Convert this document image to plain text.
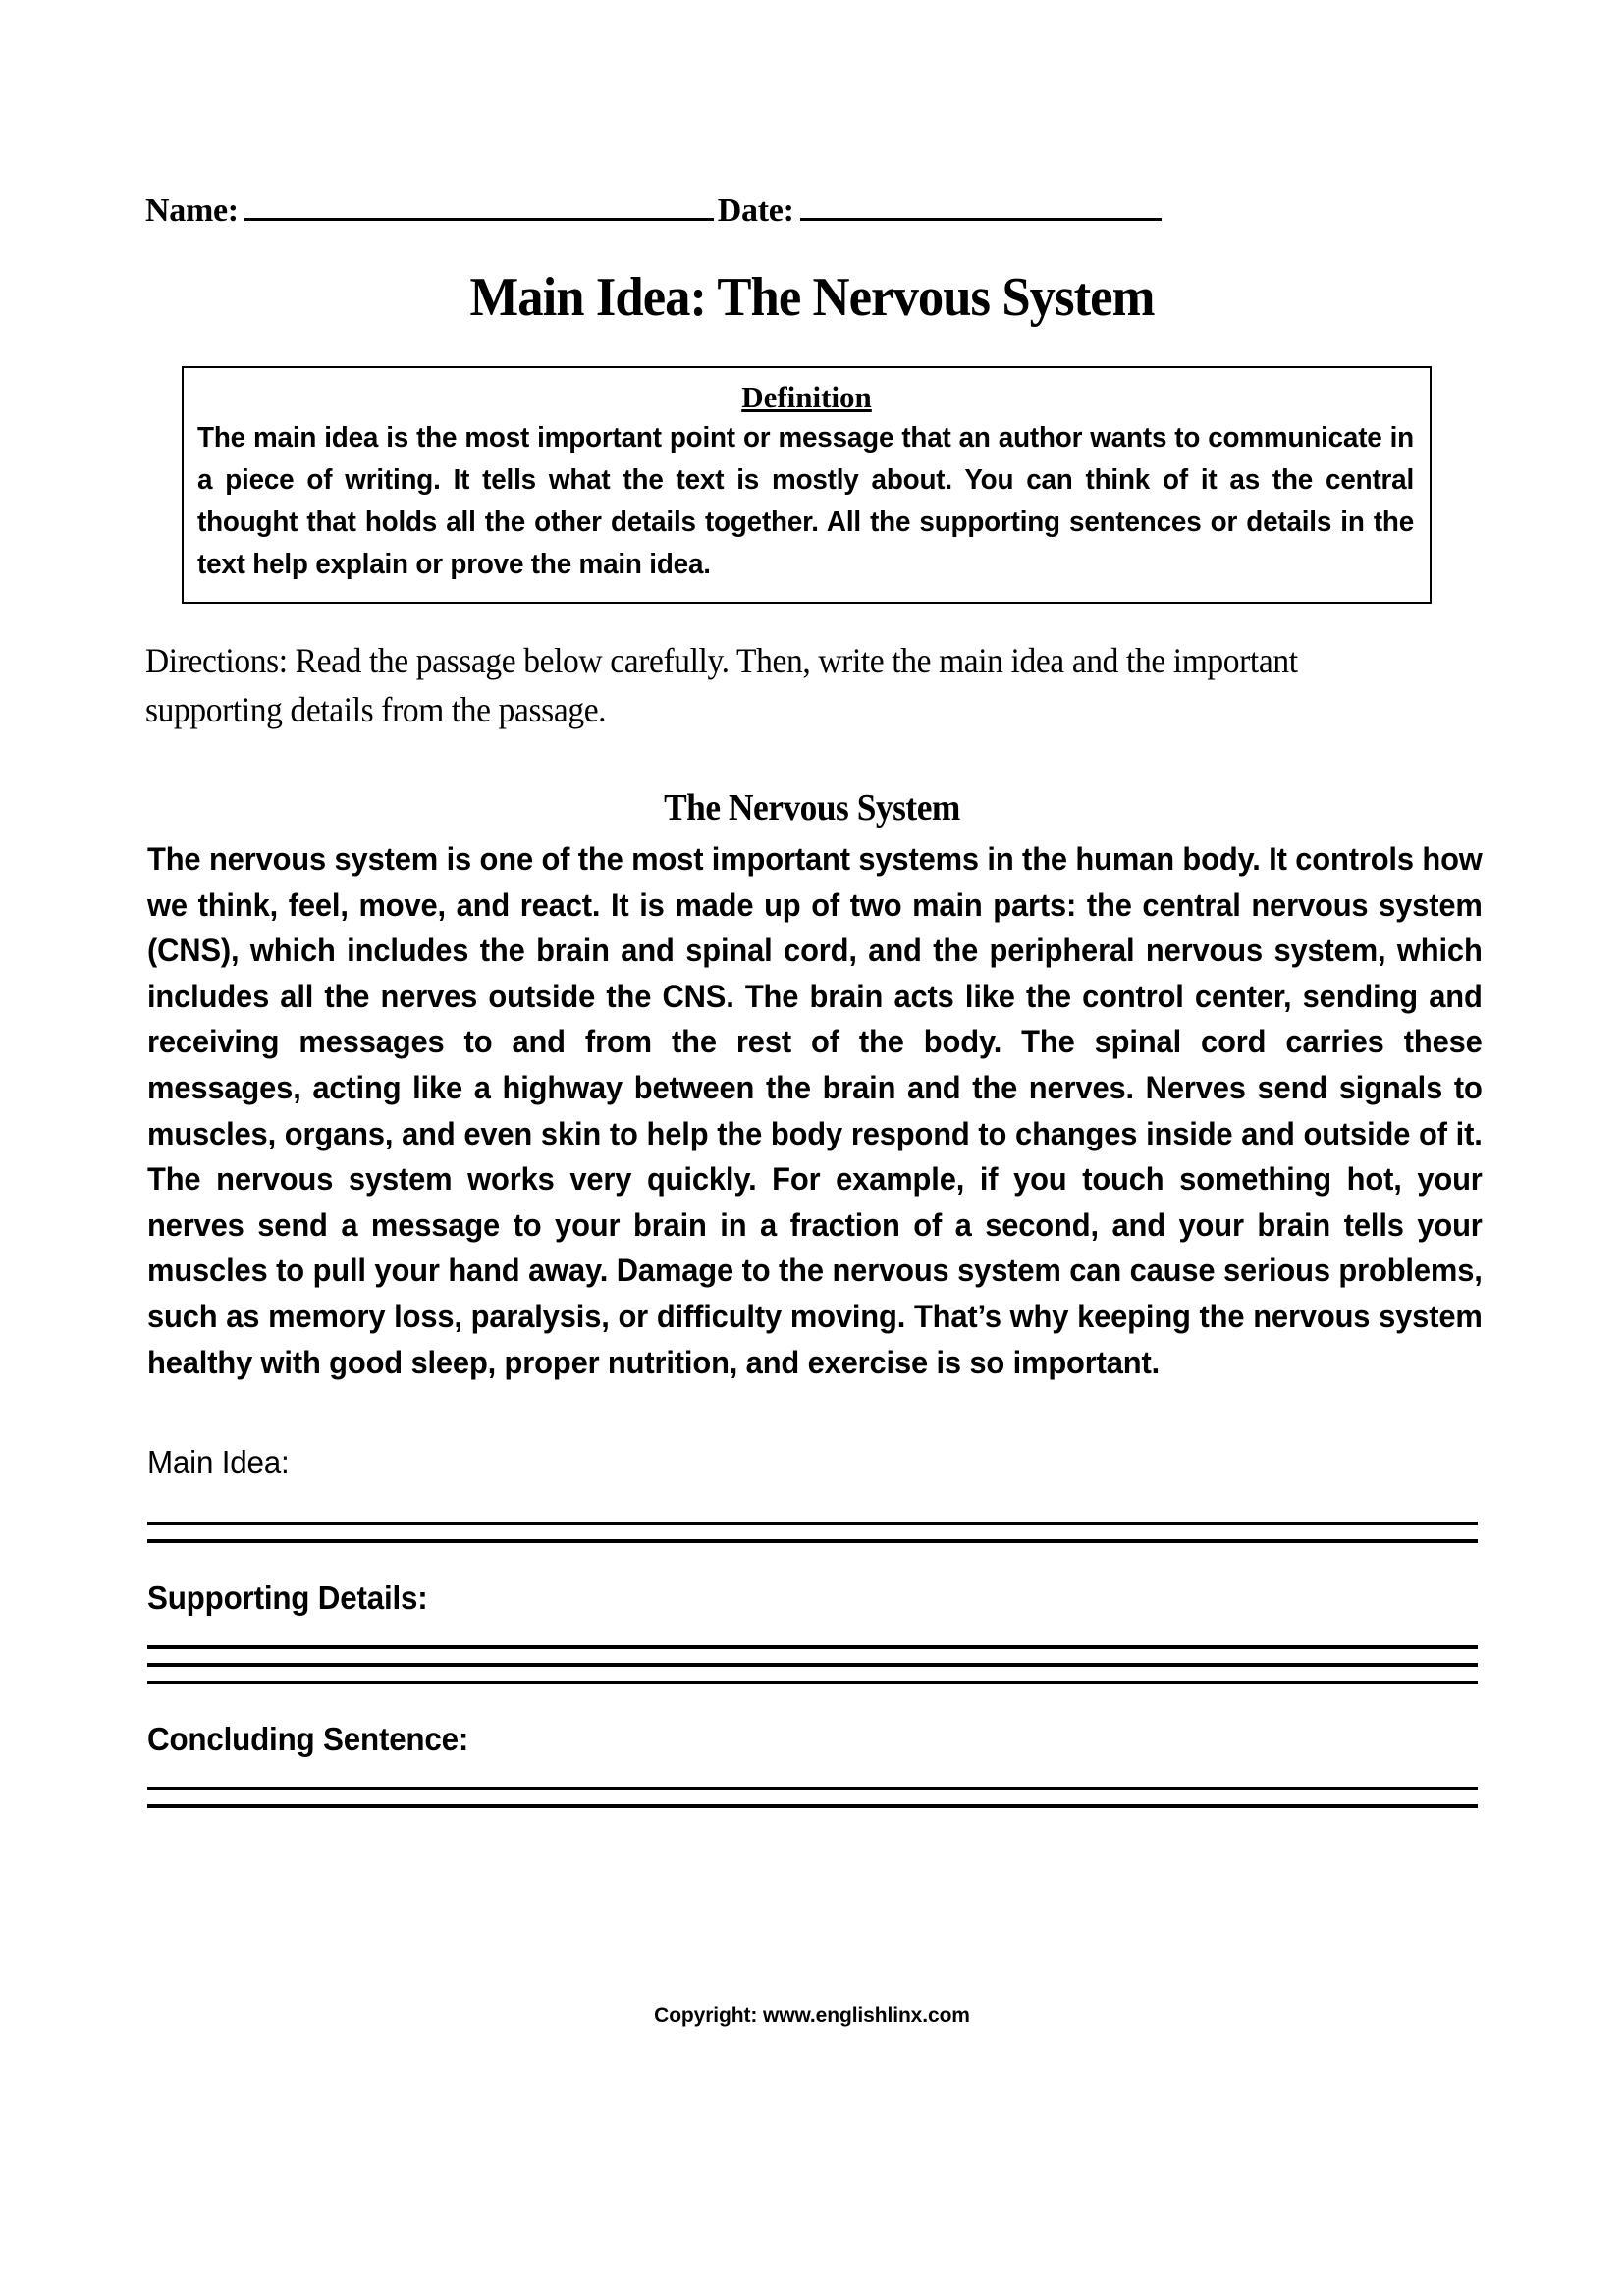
Name:	Date:
Main Idea: The Nervous System
Definition
The main idea is the most important point or message that an author wants to communicate in a piece of writing. It tells what the text is mostly about. You can think of it as the central thought that holds all the other details together. All the supporting sentences or details in the text help explain or prove the main idea.
Directions: Read the passage below carefully. Then, write the main idea and the important supporting details from the passage.
The Nervous System
The nervous system is one of the most important systems in the human body. It controls how we think, feel, move, and react. It is made up of two main parts: the central nervous system (CNS), which includes the brain and spinal cord, and the peripheral nervous system, which includes all the nerves outside the CNS. The brain acts like the control center, sending and receiving messages to and from the rest of the body. The spinal cord carries these messages, acting like a highway between the brain and the nerves. Nerves send signals to muscles, organs, and even skin to help the body respond to changes inside and outside of it. The nervous system works very quickly. For example, if you touch something hot, your nerves send a message to your brain in a fraction of a second, and your brain tells your muscles to pull your hand away. Damage to the nervous system can cause serious problems, such as memory loss, paralysis, or difficulty moving. That’s why keeping the nervous system healthy with good sleep, proper nutrition, and exercise is so important.
Main Idea:
Supporting Details:
Concluding Sentence:
Copyright: www.englishlinx.com
